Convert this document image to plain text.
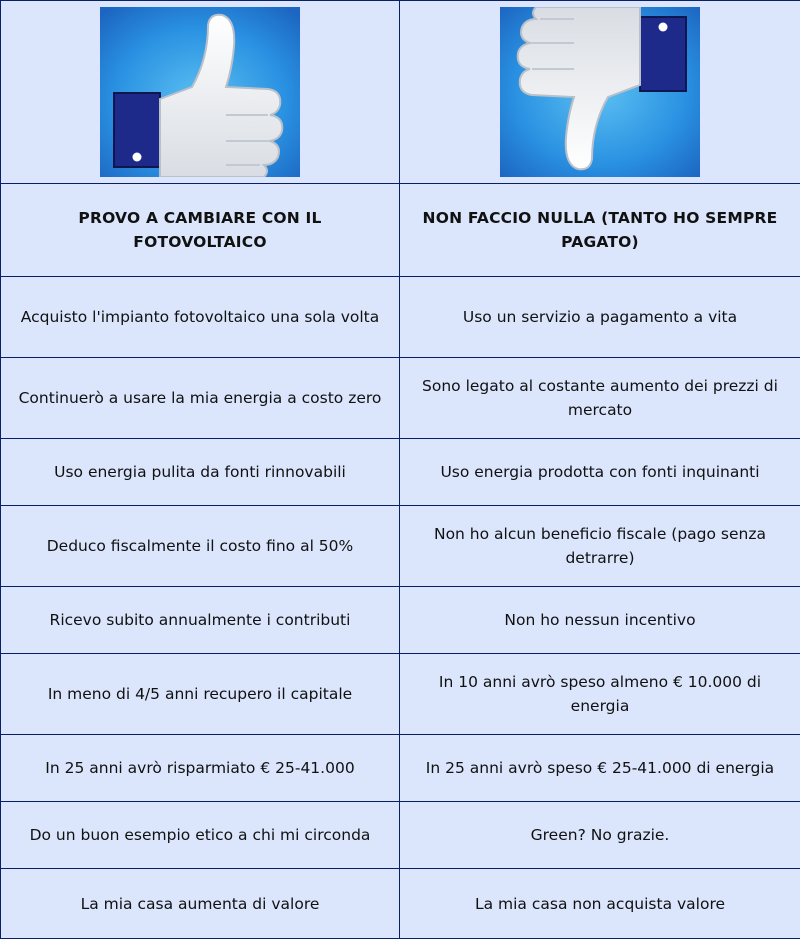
PROVO A CAMBIARE CON IL FOTOVOLTAICO	NON FACCIO NULLA (TANTO HO SEMPRE PAGATO)
Acquisto l'impianto fotovoltaico una sola volta	Uso un servizio a pagamento a vita
Continuerò a usare la mia energia a costo zero	Sono legato al costante aumento dei prezzi di mercato
Uso energia pulita da fonti rinnovabili	Uso energia prodotta con fonti inquinanti
Deduco fiscalmente il costo fino al 50%	Non ho alcun beneficio fiscale (pago senza detrarre)
Ricevo subito annualmente i contributi	Non ho nessun incentivo
In meno di 4/5 anni recupero il capitale	In 10 anni avrò speso almeno € 10.000 di energia
In 25 anni avrò risparmiato € 25-41.000	In 25 anni avrò speso € 25-41.000 di energia
Do un buon esempio etico a chi mi circonda	Green? No grazie.
La mia casa aumenta di valore	La mia casa non acquista valore
